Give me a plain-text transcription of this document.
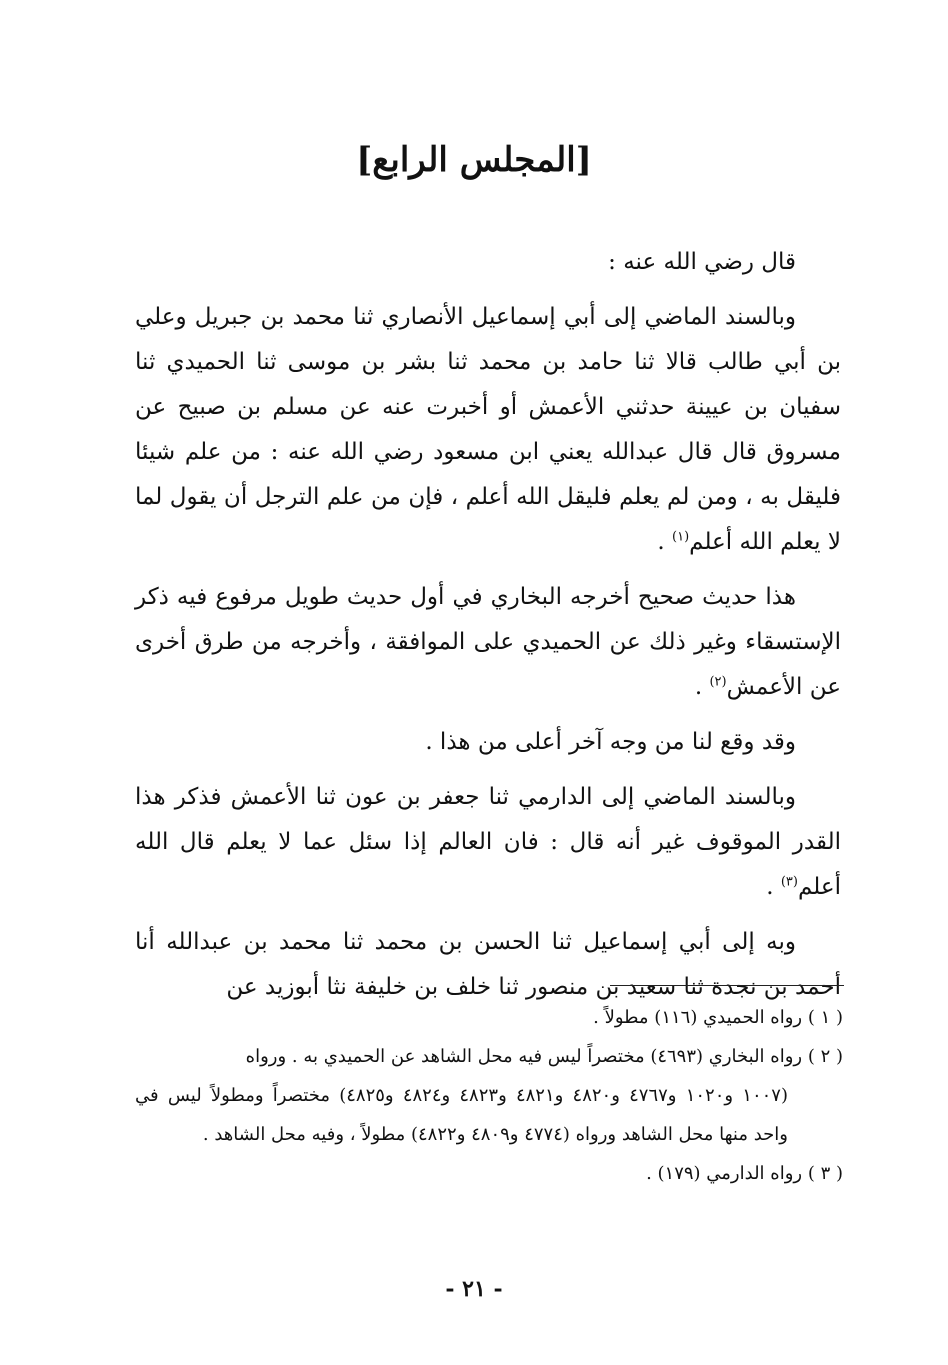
[المجلس الرابع]

قال رضي الله عنه :

وبالسند الماضي إلى أبي إسماعيل الأنصاري ثنا محمد بن جبريل وعلي بن أبي طالب قالا ثنا حامد بن محمد ثنا بشر بن موسى ثنا الحميدي ثنا سفيان بن عيينة حدثني الأعمش أو أخبرت عنه عن مسلم بن صبيح عن مسروق قال قال عبدالله يعني ابن مسعود رضي الله عنه : من علم شيئا فليقل به ، ومن لم يعلم فليقل الله أعلم ، فإن من علم الترجل أن يقول لما لا يعلم الله أعلم$^{(١)}$ .

هذا حديث صحيح أخرجه البخاري في أول حديث طويل مرفوع فيه ذكر الإستسقاء وغير ذلك عن الحميدي على الموافقة ، وأخرجه من طرق أخرى عن الأعمش$^{(٢)}$ .

وقد وقع لنا من وجه آخر أعلى من هذا .

وبالسند الماضي إلى الدارمي ثنا جعفر بن عون ثنا الأعمش فذكر هذا القدر الموقوف غير أنه قال : فان العالم إذا سئل عما لا يعلم قال الله أعلم$^{(٣)}$ .

وبه إلى أبي إسماعيل ثنا الحسن بن محمد ثنا محمد بن عبدالله أنا أحمد بن نجدة ثنا سعيد بن منصور ثنا خلف بن خليفة نثا أبوزيد عن

( ١ ) رواه الحميدي (١١٦) مطولاً .

( ٢ ) رواه البخاري (٤٦٩٣) مختصراً ليس فيه محل الشاهد عن الحميدي به . ورواه

(١٠٠٧ و١٠٢٠ و٤٧٦٧ و٤٨٢٠ و٤٨٢١ و٤٨٢٣ و٤٨٢٤ و٤٨٢٥) مختصراً ومطولاً ليس في واحد منها محل الشاهد ورواه (٤٧٧٤ و٤٨٠٩ و٤٨٢٢) مطولاً ، وفيه محل الشاهد .

( ٣ ) رواه الدارمي (١٧٩) .

- ٢١ -
